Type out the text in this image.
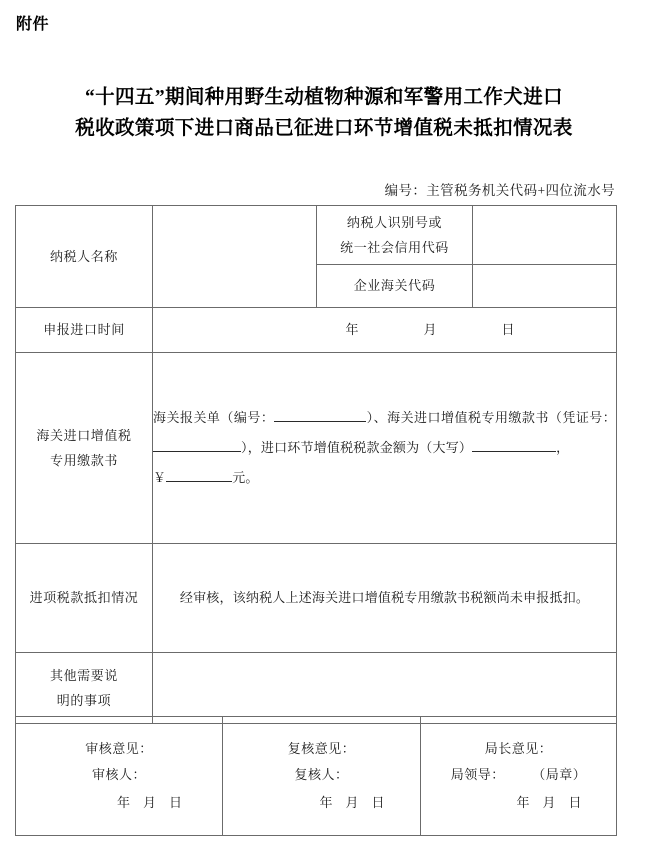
附件
“十四五”期间种用野生动植物种源和军警用工作犬进口
税收政策项下进口商品已征进口环节增值税未抵扣情况表
编号：主管税务机关代码+四位流水号
纳税人名称		纳税人识别号或
统一社会信用代码	

		企业海关代码	
申报进口时间	年 月 日		

海关进口增值税
专用缴款书	海关报关单（编号： ）、海关进口增值税专用缴款书（凭证号：），进口环节增值税税款金额为（大写） ，
￥ 元。		

进项税款抵扣情况	经审核，该纳税人上述海关进口增值税专用缴款书税额尚未申报抵扣。		

其他需要说
明的事项			

审核意见：
审核人：
年 月 日

复核意见：
复核人：
年 月 日

局长意见：
局领导：	（局章）
年 月 日
